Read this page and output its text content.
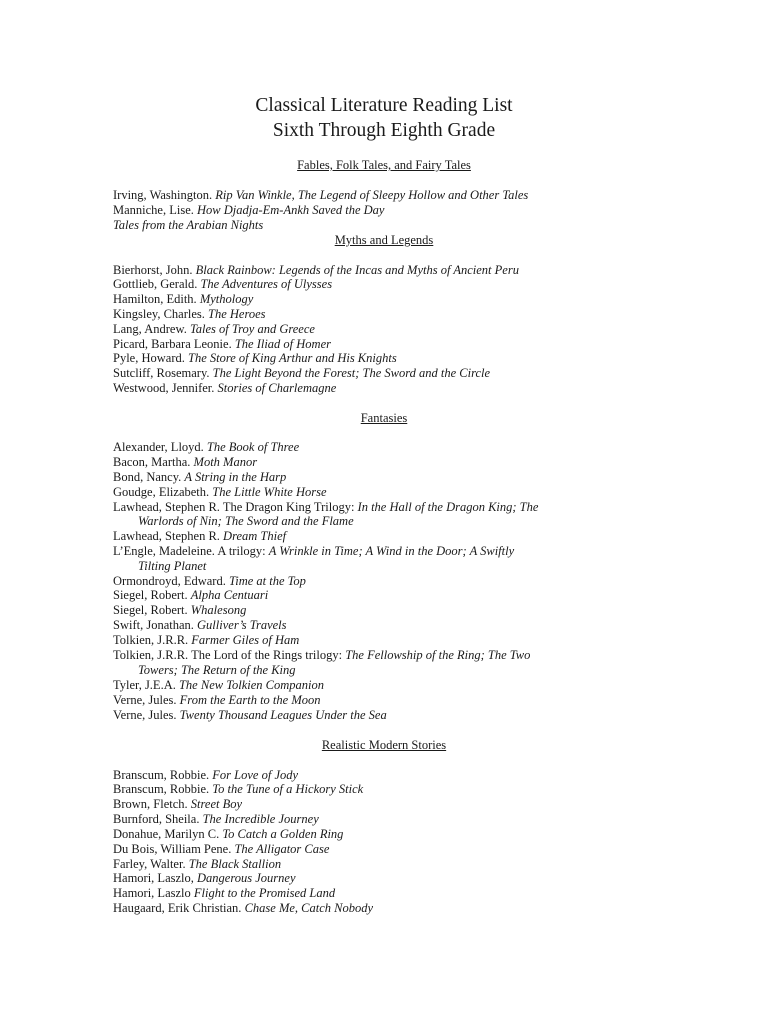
Classical Literature Reading List
Sixth Through Eighth Grade
Fables, Folk Tales, and Fairy Tales
Irving, Washington. Rip Van Winkle, The Legend of Sleepy Hollow and Other Tales
Manniche, Lise. How Djadja-Em-Ankh Saved the Day
Tales from the Arabian Nights
Myths and Legends
Bierhorst, John. Black Rainbow: Legends of the Incas and Myths of Ancient Peru
Gottlieb, Gerald. The Adventures of Ulysses
Hamilton, Edith. Mythology
Kingsley, Charles. The Heroes
Lang, Andrew. Tales of Troy and Greece
Picard, Barbara Leonie. The Iliad of Homer
Pyle, Howard. The Store of King Arthur and His Knights
Sutcliff, Rosemary. The Light Beyond the Forest; The Sword and the Circle
Westwood, Jennifer. Stories of Charlemagne
Fantasies
Alexander, Lloyd. The Book of Three
Bacon, Martha. Moth Manor
Bond, Nancy. A String in the Harp
Goudge, Elizabeth. The Little White Horse
Lawhead, Stephen R. The Dragon King Trilogy: In the Hall of the Dragon King; The
Warlords of Nin; The Sword and the Flame
Lawhead, Stephen R. Dream Thief
L’Engle, Madeleine. A trilogy: A Wrinkle in Time; A Wind in the Door; A Swiftly
Tilting Planet
Ormondroyd, Edward. Time at the Top
Siegel, Robert. Alpha Centuari
Siegel, Robert. Whalesong
Swift, Jonathan. Gulliver’s Travels
Tolkien, J.R.R. Farmer Giles of Ham
Tolkien, J.R.R. The Lord of the Rings trilogy: The Fellowship of the Ring; The Two
Towers; The Return of the King
Tyler, J.E.A. The New Tolkien Companion
Verne, Jules. From the Earth to the Moon
Verne, Jules. Twenty Thousand Leagues Under the Sea
Realistic Modern Stories
Branscum, Robbie. For Love of Jody
Branscum, Robbie. To the Tune of a Hickory Stick
Brown, Fletch. Street Boy
Burnford, Sheila. The Incredible Journey
Donahue, Marilyn C. To Catch a Golden Ring
Du Bois, William Pene. The Alligator Case
Farley, Walter. The Black Stallion
Hamori, Laszlo, Dangerous Journey
Hamori, Laszlo Flight to the Promised Land
Haugaard, Erik Christian. Chase Me, Catch Nobody
